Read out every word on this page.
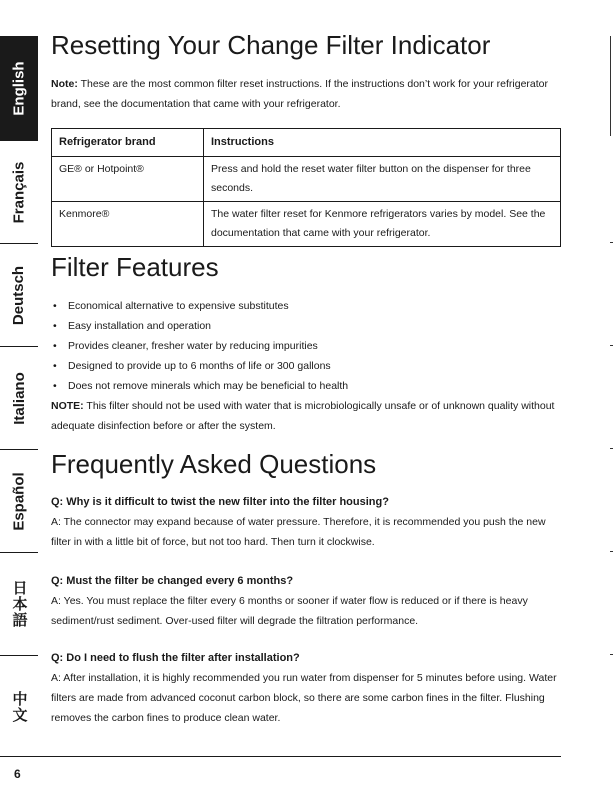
English
Français
Deutsch
Italiano
Español
日本語
中文
Resetting Your Change Filter Indicator

Note: These are the most common filter reset instructions. If the instructions don’t work for your refrigerator brand, see the documentation that came with your refrigerator.

Refrigerator brand	Instructions
GE® or Hotpoint®	Press and hold the reset water filter button on the dispenser for three seconds.
Kenmore®	The water filter reset for Kenmore refrigerators varies by model. See the documentation that came with your refrigerator.
Filter Features
• Economical alternative to expensive substitutes
• Easy installation and operation
• Provides cleaner, fresher water by reducing impurities
• Designed to provide up to 6 months of life or 300 gallons
• Does not remove minerals which may be beneficial to health

NOTE: This filter should not be used with water that is microbiologically unsafe or of unknown quality without adequate disinfection before or after the system.

Frequently Asked Questions

Q: Why is it difficult to twist the new filter into the filter housing?

A: The connector may expand because of water pressure. Therefore, it is recommended you push the new filter in with a little bit of force, but not too hard. Then turn it clockwise.

Q: Must the filter be changed every 6 months?

A: Yes. You must replace the filter every 6 months or sooner if water flow is reduced or if there is heavy sediment/rust sediment. Over-used filter will degrade the filtration performance.

Q: Do I need to flush the filter after installation?

A: After installation, it is highly recommended you run water from dispenser for 5 minutes before using. Water filters are made from advanced coconut carbon block, so there are some carbon fines in the filter. Flushing removes the carbon fines to produce clean water.

6
